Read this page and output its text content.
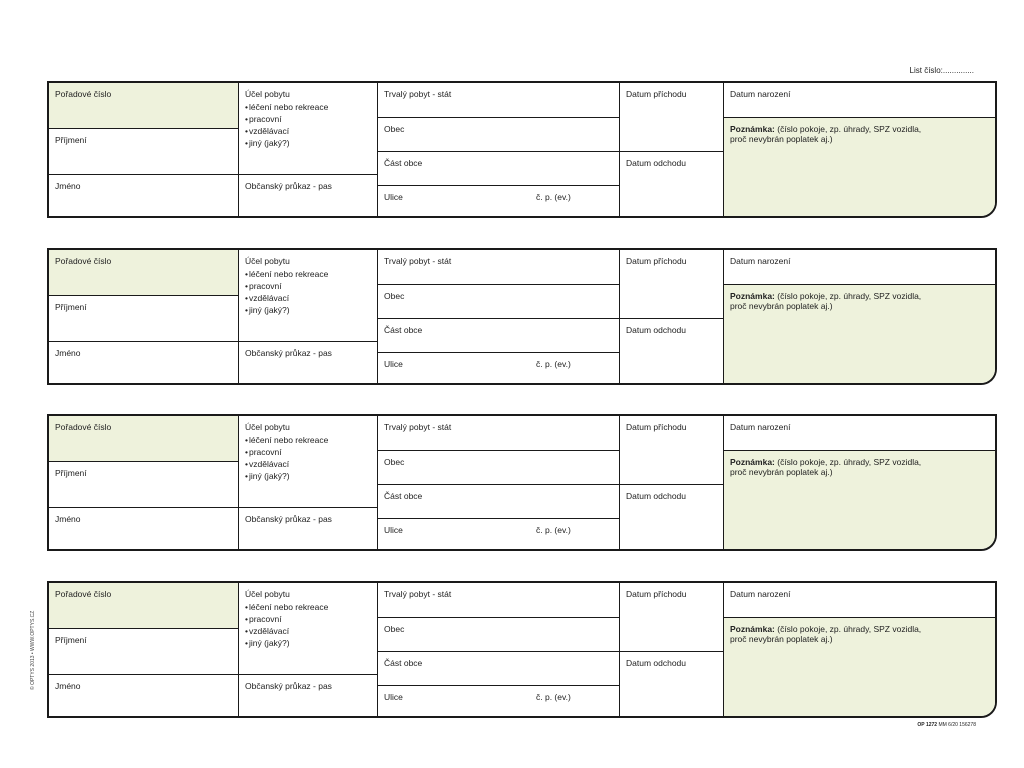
List číslo:..............
Pořadové číslo
Příjmení
Jméno
Účel pobytu
• léčení nebo rekreace
• pracovní
• vzdělávací
• jiný (jaký?)
Občanský průkaz - pas
Trvalý pobyt - stát
Obec
Část obce
Ulice	č. p. (ev.)
Datum příchodu
Datum odchodu
Datum narození
Poznámka: (číslo pokoje, zp. úhrady, SPZ vozidla, proč nevybrán poplatek aj.)
Pořadové číslo
Příjmení
Jméno
Účel pobytu
• léčení nebo rekreace
• pracovní
• vzdělávací
• jiný (jaký?)
Občanský průkaz - pas
Trvalý pobyt - stát
Obec
Část obce
Ulice	č. p. (ev.)
Datum příchodu
Datum odchodu
Datum narození
Poznámka: (číslo pokoje, zp. úhrady, SPZ vozidla, proč nevybrán poplatek aj.)
Pořadové číslo
Příjmení
Jméno
Účel pobytu
• léčení nebo rekreace
• pracovní
• vzdělávací
• jiný (jaký?)
Občanský průkaz - pas
Trvalý pobyt - stát
Obec
Část obce
Ulice	č. p. (ev.)
Datum příchodu
Datum odchodu
Datum narození
Poznámka: (číslo pokoje, zp. úhrady, SPZ vozidla, proč nevybrán poplatek aj.)
Pořadové číslo
Příjmení
Jméno
Účel pobytu
• léčení nebo rekreace
• pracovní
• vzdělávací
• jiný (jaký?)
Občanský průkaz - pas
Trvalý pobyt - stát
Obec
Část obce
Ulice	č. p. (ev.)
Datum příchodu
Datum odchodu
Datum narození
Poznámka: (číslo pokoje, zp. úhrady, SPZ vozidla, proč nevybrán poplatek aj.)
© OPTYS 2013 • WWW.OPTYS.CZ
OP 1272 MM 6/20 156278
